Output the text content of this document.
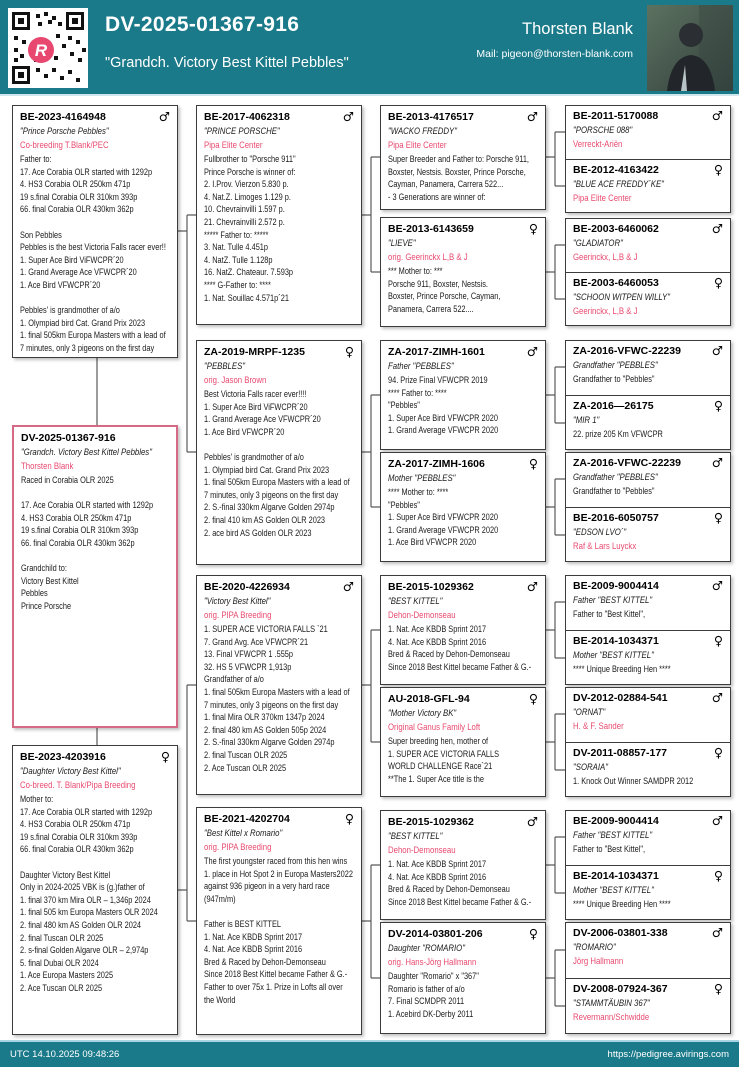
R
DV-2025-01367-916
"Grandch. Victory Best Kittel Pebbles"
Thorsten Blank
Mail: pigeon@thorsten-blank.com
BE-2023-4164948	♂
"Prince Porsche Pebbles"
Co-breeding T.Blank/PEC
Father to:
17. Ace Corabia OLR started with 1292p
4. HS3 Corabia OLR 250km 471p
19 s.final Corabia OLR 310km 393p
66. final Corabia OLR 430km 362p

Son Pebbles
Pebbles is the best Victoria Falls racer ever!!
1. Super Ace Bird ViFWCPR´20
1. Grand Average Ace VFWCPR´20
1. Ace Bird VFWCPR´20

Pebbles' is grandmother of a/o
1. Olympiad bird Cat. Grand Prix 2023
1. final 505km Europa Masters with a lead of
7 minutes, only 3 pigeons on the first day
DV-2025-01367-916
"Grandch. Victory Best Kittel Pebbles"
Thorsten Blank
Raced in Corabia OLR 2025

17. Ace Corabia OLR started with 1292p
4. HS3 Corabia OLR 250km 471p
19 s.final Corabia OLR 310km 393p
66. final Corabia OLR 430km 362p

Grandchild to:
Victory Best Kittel
Pebbles
Prince Porsche
BE-2023-4203916	♀
"Daughter Victory Best Kittel"
Co-breed. T. Blank/Pipa Breeding
Mother to:
17. Ace Corabia OLR started with 1292p
4. HS3 Corabia OLR 250km 471p
19 s.final Corabia OLR 310km 393p
66. final Corabia OLR 430km 362p

Daughter Victory Best Kittel
Only in 2024-2025 VBK is (g.)father of
1. final 370 km Mira OLR – 1,346p 2024
1. final 505 km Europa Masters OLR 2024
2. final 480 km AS Golden OLR 2024
2. final Tuscan OLR 2025
2. s-final Golden Algarve OLR – 2,974p
5. final Dubai OLR 2024
1. Ace Europa Masters 2025
2. Ace Tuscan OLR 2025
BE-2017-4062318	♂
"PRINCE PORSCHE"
Pipa Elite Center
Fullbrother to "Porsche 911"
Prince Porsche is winner of:
2. I.Prov. Vierzon 5.830 p.
4. Nat.Z. Limoges 1.129 p.
10. Chevrainvilli 1.597 p.
21. Chevrainvilli 2.572 p.
***** Father to: *****
3. Nat. Tulle 4.451p
4. NatZ. Tulle 1.128p
16. NatZ. Chateaur. 7.593p
**** G-Father to: ****
1. Nat. Souillac 4.571p´21
ZA-2019-MRPF-1235	♀
"PEBBLES"
orig. Jason Brown
Best Victoria Falls racer ever!!!!
1. Super Ace Bird ViFWCPR´20
1. Grand Average Ace VFWCPR´20
1. Ace Bird VFWCPR´20

Pebbles' is grandmother of a/o
1. Olympiad bird Cat. Grand Prix 2023
1. final 505km Europa Masters with a lead of
7 minutes, only 3 pigeons on the first day
2. S.-final 330km Algarve Golden 2974p
2. final 410 km AS Golden OLR 2023
2. ace bird AS Golden OLR 2023
BE-2020-4226934	♂
"Victory Best Kittel"
orig. PIPA Breeding
1. SUPER ACE VICTORIA FALLS `21
7. Grand Avg. Ace VFWCPR´21
13. Final VFWCPR 1 .555p
32. HS 5 VFWCPR 1,913p
Grandfather of a/o
1. final 505km Europa Masters with a lead of
7 minutes, only 3 pigeons on the first day
1. final Mira OLR 370km 1347p 2024
2. final 480 km AS Golden 505p 2024
2. S.-final 330km Algarve Golden 2974p
2. final Tuscan OLR 2025
2. Ace Tuscan OLR 2025
BE-2021-4202704	♀
"Best Kittel x Romario"
orig. PIPA Breeding
The first youngster raced from this hen wins
1. place in Hot Spot 2 in Europa Masters2022
against 936 pigeon in a very hard race
(947m/m)

Father is BEST KITTEL
1. Nat. Ace KBDB Sprint 2017
4. Nat. Ace KBDB Sprint 2016
Bred & Raced by Dehon-Demonseau
Since 2018 Best Kittel became Father & G.-
Father to over 75x 1. Prize in Lofts all over
the World
BE-2013-4176517	♂
"WACKO FREDDY"
Pipa Elite Center
Super Breeder and Father to: Porsche 911,
Boxster, Nestsis. Boxster, Prince Porsche,
Cayman, Panamera, Carrera 522...
- 3 Generations are winner of:
BE-2013-6143659	♀
"LIEVE"
orig. Geerinckx L,B & J
*** Mother to: ***
Porsche 911, Boxster, Nestsis.
Boxster, Prince Porsche, Cayman,
Panamera, Carrera 522....
ZA-2017-ZIMH-1601	♂
Father "PEBBLES"
94. Prize Final VFWCPR 2019
**** Father to: ****
"Pebbles"
1. Super Ace Bird VFWCPR 2020
1. Grand Average VFWCPR 2020
ZA-2017-ZIMH-1606	♀
Mother "PEBBLES"
**** Mother to: ****
"Pebbles"
1. Super Ace Bird VFWCPR 2020
1. Grand Average VFWCPR 2020
1. Ace Bird VFWCPR 2020
BE-2015-1029362	♂
"BEST KITTEL"
Dehon-Demonseau
1. Nat. Ace KBDB Sprint 2017
4. Nat. Ace KBDB Sprint 2016
Bred & Raced by Dehon-Demonseau
Since 2018 Best Kittel became Father & G.-
AU-2018-GFL-94	♀
"Mother Victory BK"
Original Ganus Family Loft
Super breeding hen, mother of
1. SUPER ACE VICTORIA FALLS
WORLD CHALLENGE Race`21
**The 1. Super Ace title is the
BE-2015-1029362	♂
"BEST KITTEL"
Dehon-Demonseau
1. Nat. Ace KBDB Sprint 2017
4. Nat. Ace KBDB Sprint 2016
Bred & Raced by Dehon-Demonseau
Since 2018 Best Kittel became Father & G.-
DV-2014-03801-206	♀
Daughter "ROMARIO"
orig. Hans-Jörg Hallmann
Daughter "Romario" x "367"
Romario is father of a/o
7. Final SCMDPR 2011
1. Acebird DK-Derby 2011
BE-2011-5170088	♂
"PORSCHE 088"
Verreckt-Ariën
BE-2012-4163422	♀
"BLUE ACE FREDDY´KE"
Pipa Elite Center
BE-2003-6460062	♂
"GLADIATOR"
Geerinckx, L,B & J
BE-2003-6460053	♀
"SCHOON WITPEN WILLY"
Geerinckx, L,B & J
ZA-2016-VFWC-22239 ♂
Grandfather "PEBBLES"
Grandfather to "Pebbles"
ZA-2016—26175	♀
"MIR 1"
22. prize 205 Km VFWCPR
ZA-2016-VFWC-22239 ♂
Grandfather "PEBBLES"
Grandfather to "Pebbles"
BE-2016-6050757	♀
"EDSON LVO´"
Raf & Lars Luyckx
BE-2009-9004414	♂
Father "BEST KITTEL"
Father to "Best Kittel",
BE-2014-1034371	♀
Mother "BEST KITTEL"
**** Unique Breeding Hen ****
DV-2012-02884-541	♂
"ORNAT"
H. & F. Sander
DV-2011-08857-177	♀
"SORAIA"
1. Knock Out Winner SAMDPR 2012
BE-2009-9004414	♂
Father "BEST KITTEL"
Father to "Best Kittel",
BE-2014-1034371	♀
Mother "BEST KITTEL"
**** Unique Breeding Hen ****
DV-2006-03801-338	♂
"ROMARIO"
Jörg Hallmann
DV-2008-07924-367	♀
"STAMMTÄUBIN 367"
Revermann/Schwidde
UTC 14.10.2025 09:48:26	https://pedigree.avirings.com
